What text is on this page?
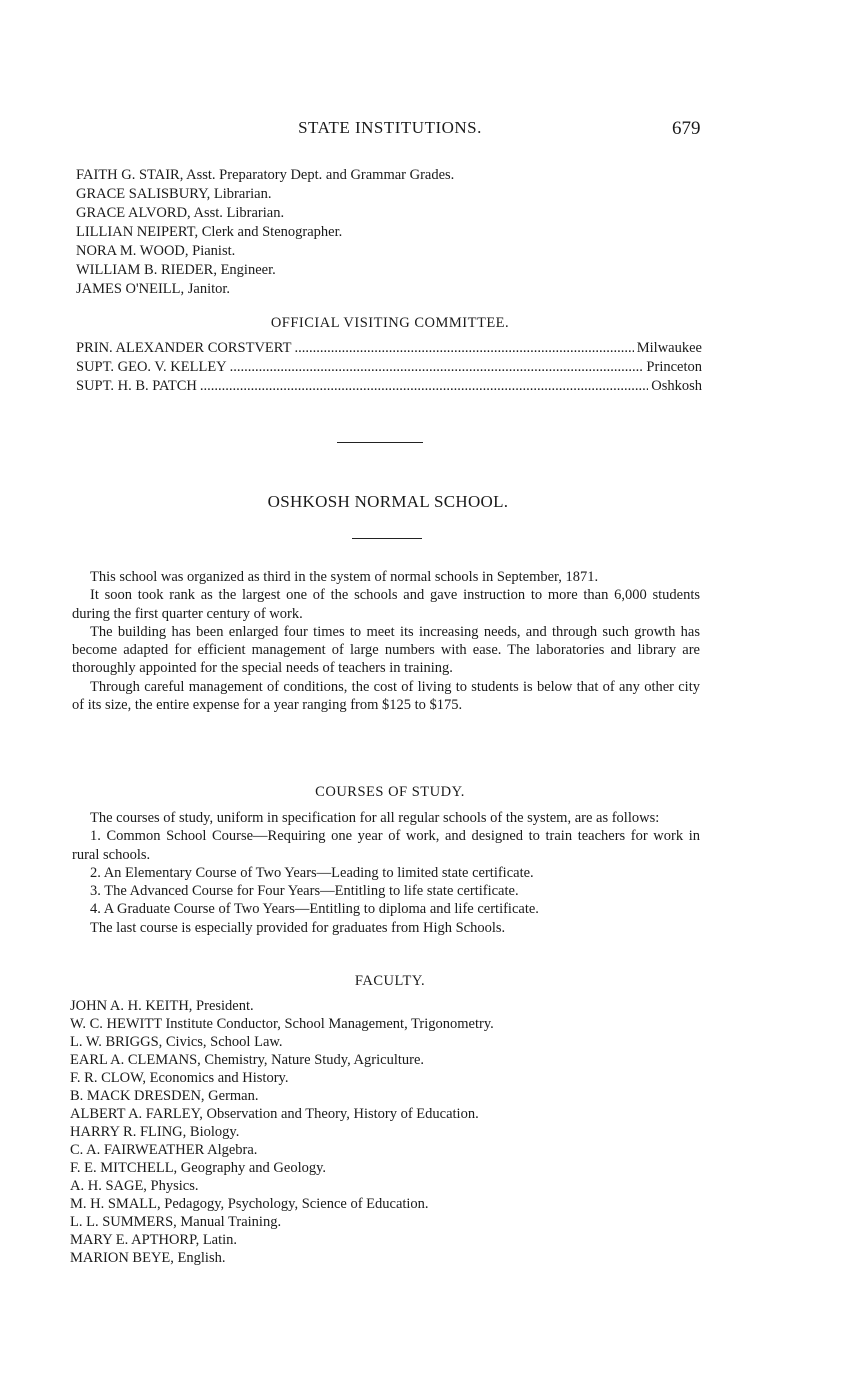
STATE INSTITUTIONS.	679
FAITH G. STAIR, Asst. Preparatory Dept. and Grammar Grades.
GRACE SALISBURY, Librarian.
GRACE ALVORD, Asst. Librarian.
LILLIAN NEIPERT, Clerk and Stenographer.
NORA M. WOOD, Pianist.
WILLIAM B. RIEDER, Engineer.
JAMES O'NEILL, Janitor.
OFFICIAL VISITING COMMITTEE.
PRIN. ALEXANDER CORSTVERT .....	Milwaukee
SUPT. GEO. V. KELLEY .....	Princeton
SUPT. H. B. PATCH .....	Oshkosh
OSHKOSH NORMAL SCHOOL.

This school was organized as third in the system of normal schools in September, 1871.

It soon took rank as the largest one of the schools and gave instruction to more than 6,000 students during the first quarter century of work.

The building has been enlarged four times to meet its increasing needs, and through such growth has become adapted for efficient management of large numbers with ease. The laboratories and library are thoroughly appointed for the special needs of teachers in training.

Through careful management of conditions, the cost of living to students is below that of any other city of its size, the entire expense for a year ranging from $125 to $175.

COURSES OF STUDY.

The courses of study, uniform in specification for all regular schools of the system, are as follows:

1. Common School Course—Requiring one year of work, and designed to train teachers for work in rural schools.

2. An Elementary Course of Two Years—Leading to limited state certificate.

3. The Advanced Course for Four Years—Entitling to life state certificate.

4. A Graduate Course of Two Years—Entitling to diploma and life certificate.

The last course is especially provided for graduates from High Schools.

FACULTY.
JOHN A. H. KEITH, President.
W. C. HEWITT Institute Conductor, School Management, Trigonometry.
L. W. BRIGGS, Civics, School Law.
EARL A. CLEMANS, Chemistry, Nature Study, Agriculture.
F. R. CLOW, Economics and History.
B. MACK DRESDEN, German.
ALBERT A. FARLEY, Observation and Theory, History of Education.
HARRY R. FLING, Biology.
C. A. FAIRWEATHER Algebra.
F. E. MITCHELL, Geography and Geology.
A. H. SAGE, Physics.
M. H. SMALL, Pedagogy, Psychology, Science of Education.
L. L. SUMMERS, Manual Training.
MARY E. APTHORP, Latin.
MARION BEYE, English.
